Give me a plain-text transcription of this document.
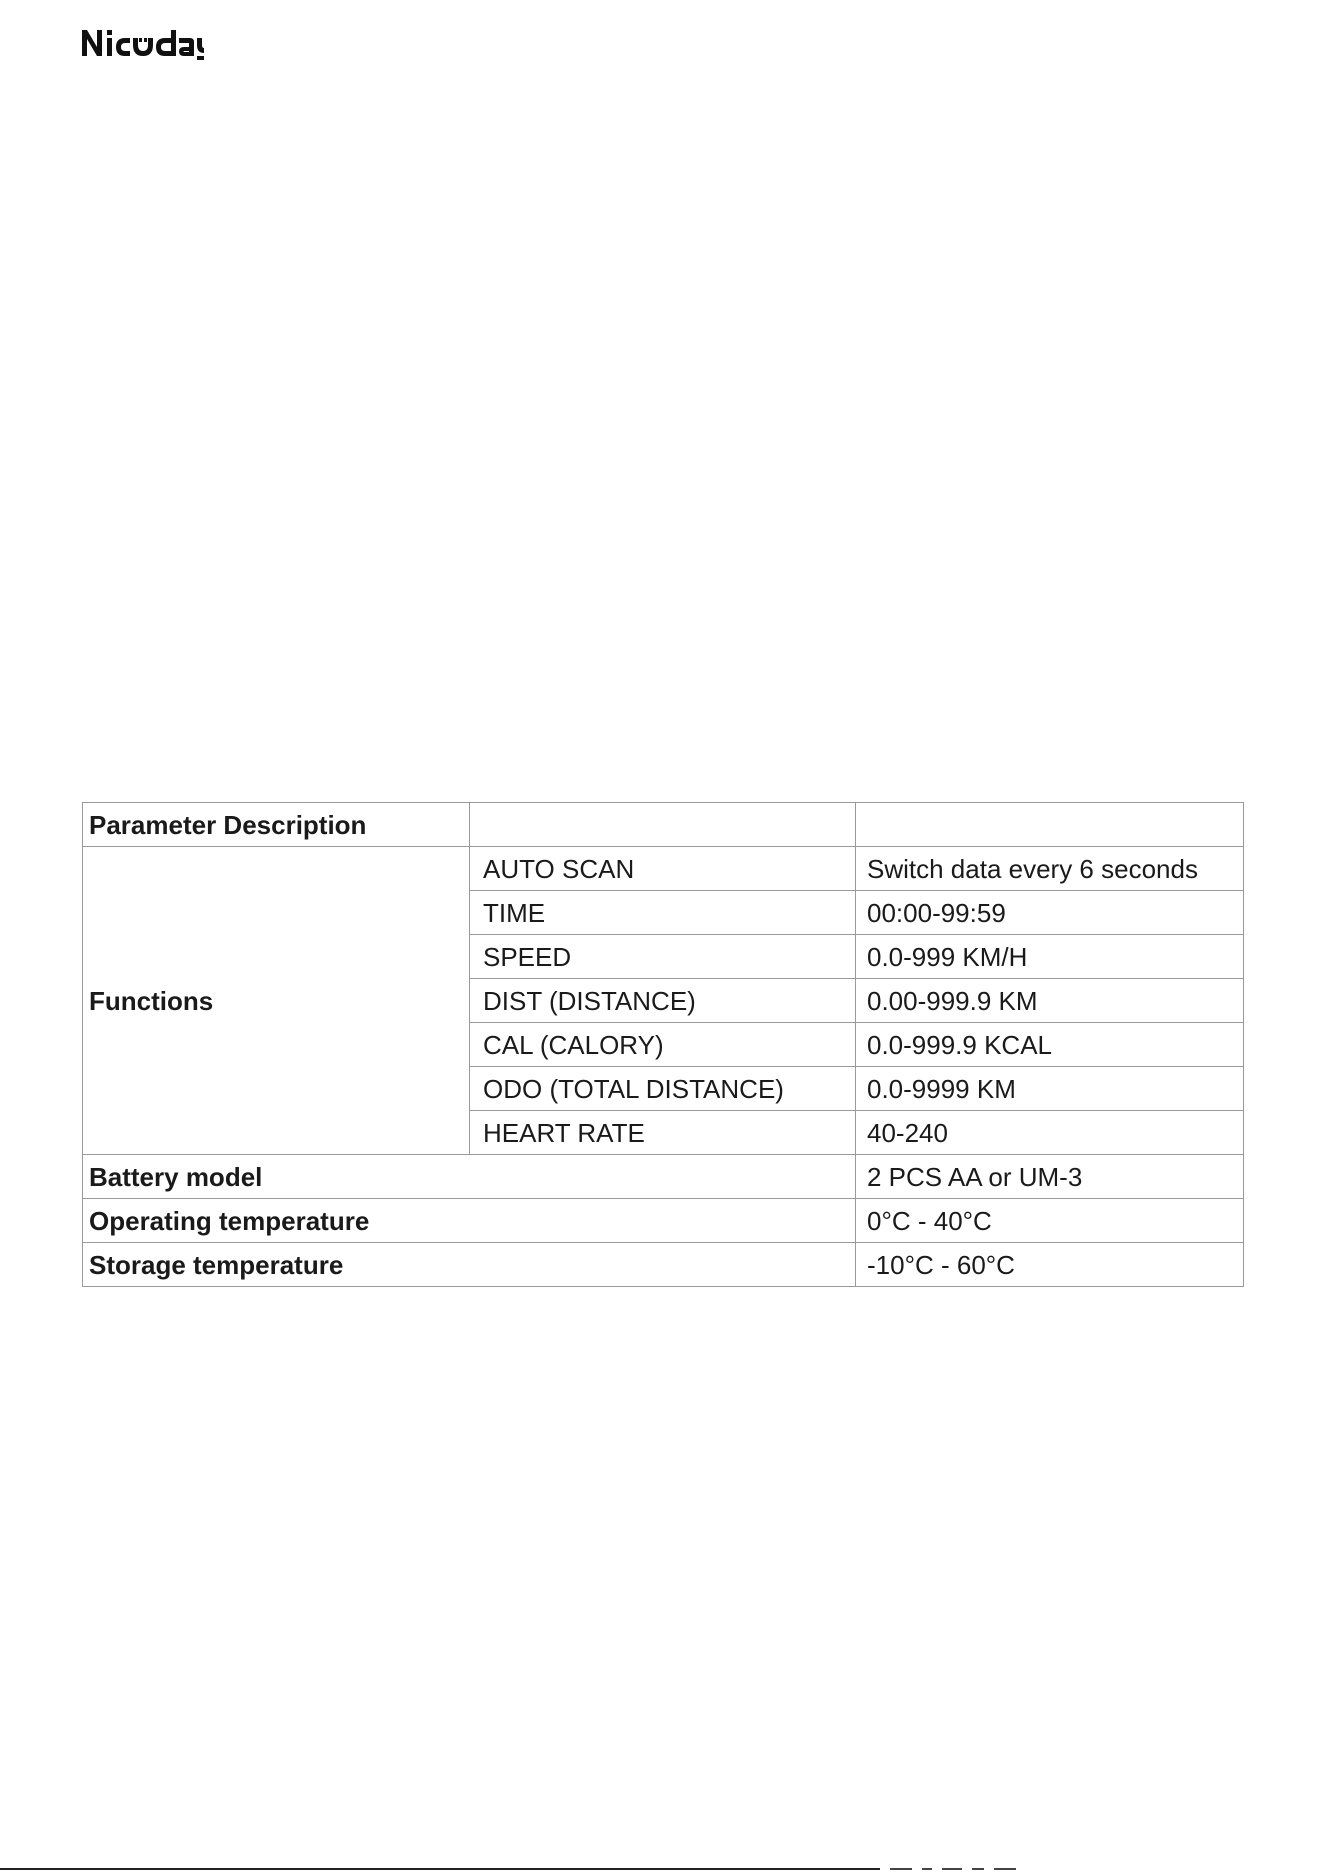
Parameter Description		
Functions	AUTO SCAN	Switch data every 6 seconds
	TIME	00:00-99:59
	SPEED	0.0-999 KM/H
	DIST (DISTANCE)	0.00-999.9 KM
	CAL (CALORY)	0.0-999.9 KCAL
	ODO (TOTAL DISTANCE)	0.0-9999 KM
	HEART RATE	40-240
Battery model		2 PCS AA or UM-3
Operating temperature		0°C - 40°C
Storage temperature		-10°C - 60°C
